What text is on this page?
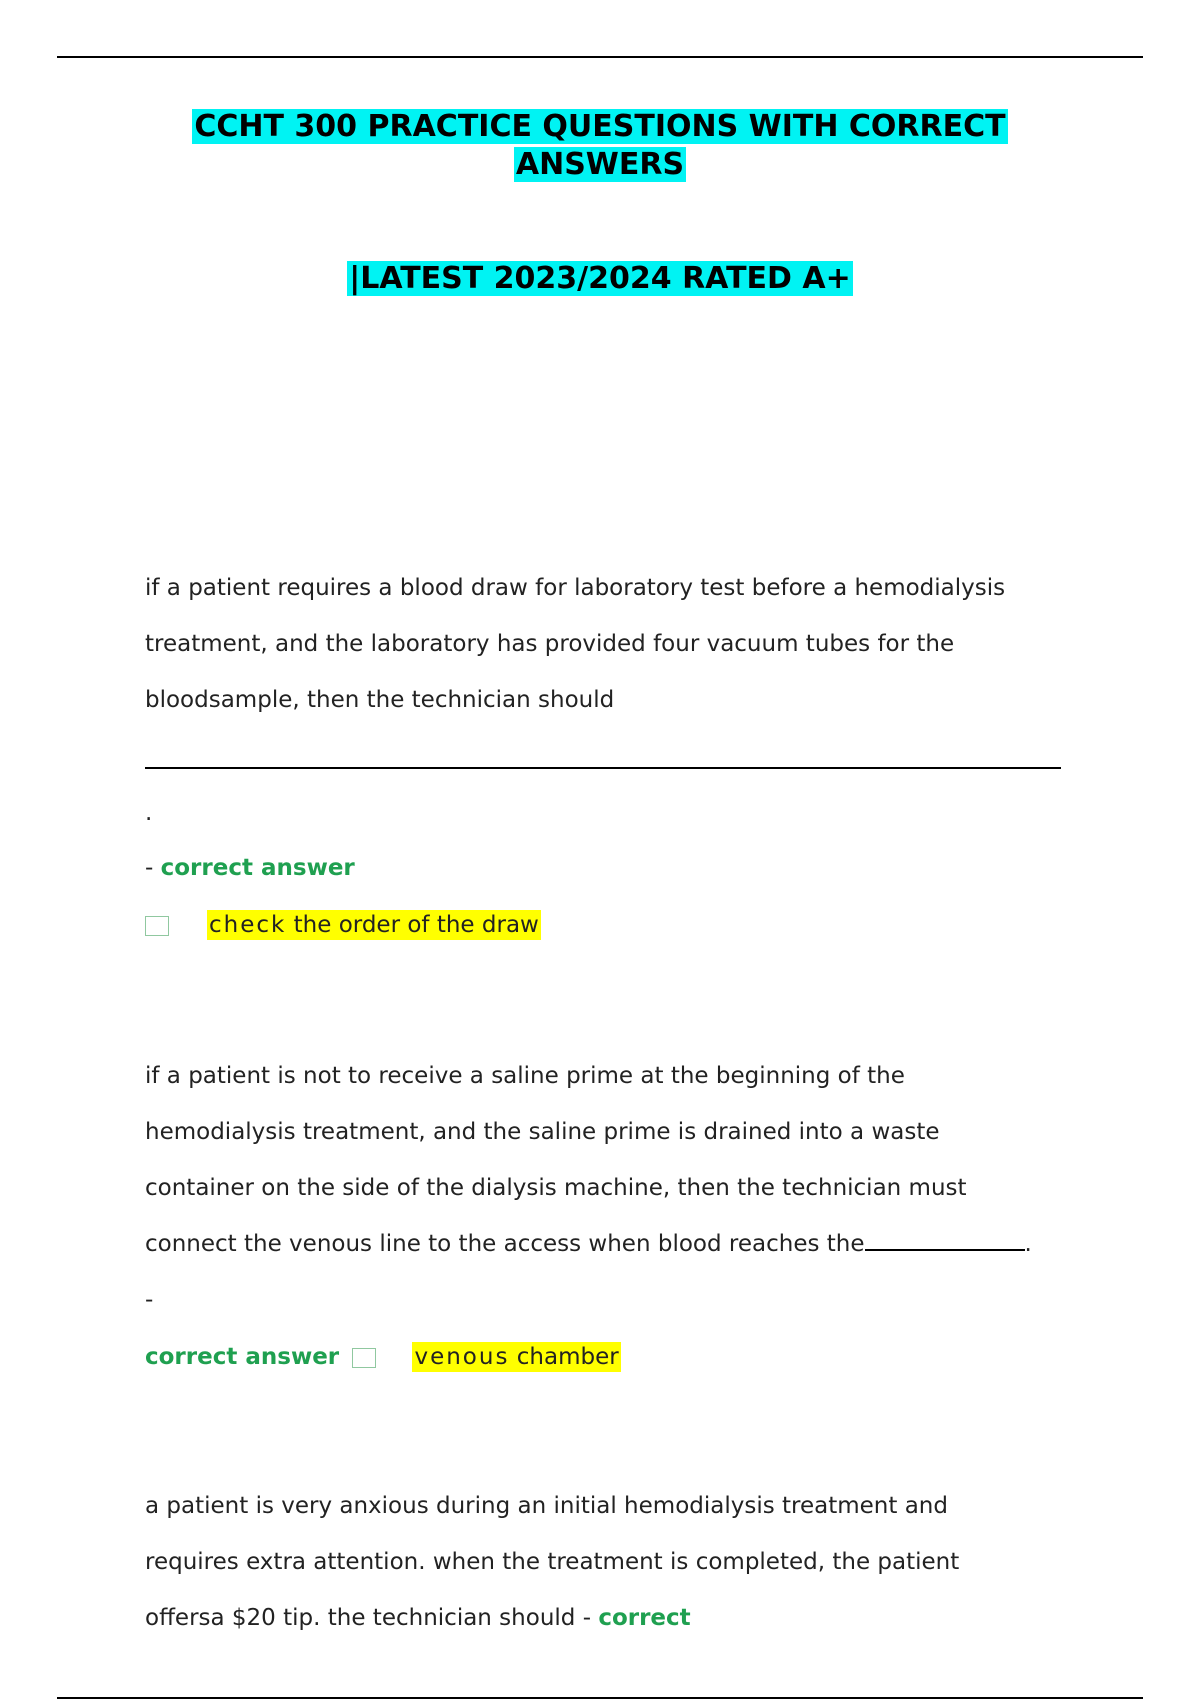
CCHT 300 PRACTICE QUESTIONS WITH CORRECT
ANSWERS
|LATEST 2023/2024 RATED A+
if a patient requires a blood draw for laboratory test before a hemodialysis
treatment, and the laboratory has provided four vacuum tubes for the
bloodsample, then the technician should
.
- correct answer
check the order of the draw
if a patient is not to receive a saline prime at the beginning of the
hemodialysis treatment, and the saline prime is drained into a waste
container on the side of the dialysis machine, then the technician must
connect the venous line to the access when blood reaches the	.
-
correct answer	venous chamber
a patient is very anxious during an initial hemodialysis treatment and
requires extra attention. when the treatment is completed, the patient
offersa $20 tip. the technician should - correct
